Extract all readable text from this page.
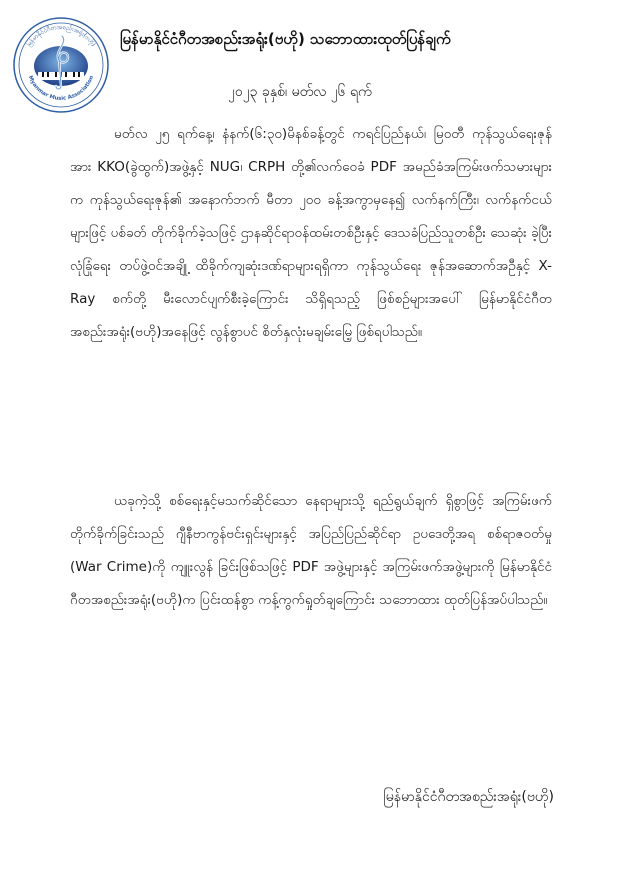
မြန်မာနိုင်ငံဂီတအစည်းအရုံး(ဗဟို)
Myanmar Music Association
မြန်မာနိုင်ငံဂီတအစည်းအရုံး(ဗဟို) သဘောထားထုတ်ပြန်ချက်
၂၀၂၃ ခုနှစ်၊ မတ်လ ၂၆ ရက်

မတ်လ ၂၅ ရက်နေ့၊ နံနက်(၆:၃၀)မိနစ်ခန့်တွင် ကရင်ပြည်နယ်၊ မြဝတီ ကုန်သွယ်ရေးဇုန်အား KKO(ခွဲထွက်)အဖွဲ့နှင့် NUG၊ CRPH တို့၏လက်ဝေခံ PDF အမည်ခံအကြမ်းဖက်သမားများက ကုန်သွယ်ရေးဇုန်၏ အနောက်ဘက် မီတာ ၂၀၀ ခန့်အကွာမှနေ၍ လက်နက်ကြီး၊ လက်နက်ငယ်များဖြင့် ပစ်ခတ် တိုက်ခိုက်ခဲ့သဖြင့် ဌာနဆိုင်ရာဝန်ထမ်းတစ်ဦးနှင့် ဒေသခံပြည်သူတစ်ဦး သေဆုံး ခဲ့ပြီး လုံခြုံရေး တပ်ဖွဲ့ဝင်အချို့ ထိခိုက်ကျဆုံးဒဏ်ရာများရရှိကာ ကုန်သွယ်ရေး ဇုန်အဆောက်အဦနှင့် X-Ray စက်တို့ မီးလောင်ပျက်စီးခဲ့ကြောင်း သိရှိရသည့် ဖြစ်စဉ်များအပေါ် မြန်မာနိုင်ငံဂီတအစည်းအရုံး(ဗဟို)အနေဖြင့် လွန်စွာပင် စိတ်နှလုံးမချမ်းမြေ့ ဖြစ်ရပါသည်။

ယခုကဲ့သို့ စစ်ရေးနှင့်မသက်ဆိုင်သော နေရာများသို့ ရည်ရွယ်ချက် ရှိစွာဖြင့် အကြမ်းဖက် တိုက်ခိုက်ခြင်းသည် ဂျီနီဗာကွန်ဗင်းရှင်းများနှင့် အပြည်ပြည်ဆိုင်ရာ ဥပဒေတို့အရ စစ်ရာဇဝတ်မှု (War Crime)ကို ကျူးလွန် ခြင်းဖြစ်သဖြင့် PDF အဖွဲ့များနှင့် အကြမ်းဖက်အဖွဲ့များကို မြန်မာနိုင်ငံ ဂီတအစည်းအရုံး(ဗဟို)က ပြင်းထန်စွာ ကန့်ကွက်ရှုတ်ချကြောင်း သဘောထား ထုတ်ပြန်အပ်ပါသည်။

မြန်မာနိုင်ငံဂီတအစည်းအရုံး(ဗဟို)
